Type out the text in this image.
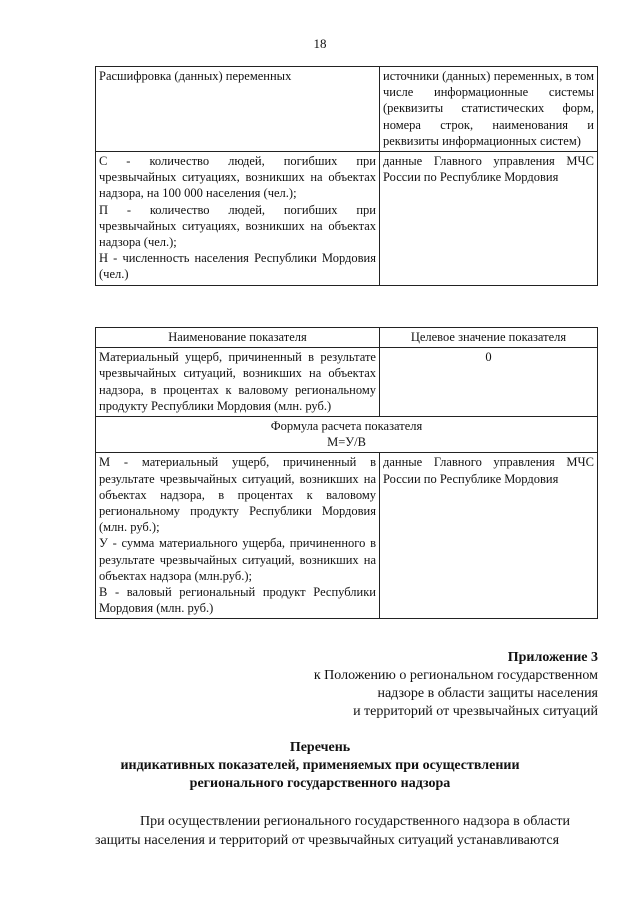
18
Расшифровка (данных) переменных	источники (данных) переменных, в том числе информационные системы (реквизиты статистических форм, номера строк, наименования и реквизиты информационных систем)

С - количество людей, погибших при чрезвычайных ситуациях, возникших на объектах надзора, на 100 000 населения (чел.);
П - количество людей, погибших при чрезвычайных ситуациях, возникших на объектах надзора (чел.);
Н - численность населения Республики Мордовия (чел.)	данные Главного управления МЧС России по Республике Мордовия
Наименование показателя	Целевое значение показателя
Материальный ущерб, причиненный в результате чрезвычайных ситуаций, возникших на объектах надзора, в процентах к валовому региональному продукту Республики Мордовия (млн. руб.)	0

Формула расчета показателя
М=У/В	

М - материальный ущерб, причиненный в результате чрезвычайных ситуаций, возникших на объектах надзора, в процентах к валовому региональному продукту Республики Мордовия (млн. руб.);
У - сумма материального ущерба, причиненного в результате чрезвычайных ситуаций, возникших на объектах надзора (млн.руб.);
В - валовый региональный продукт Республики Мордовия (млн. руб.)	данные Главного управления МЧС России по Республике Мордовия
Приложение 3
к Положению о региональном государственном
надзоре в области защиты населения
и территорий от чрезвычайных ситуаций
Перечень
индикативных показателей, применяемых при осуществлении
регионального государственного надзора
При осуществлении регионального государственного надзора в области
защиты населения и территорий от чрезвычайных ситуаций устанавливаются
